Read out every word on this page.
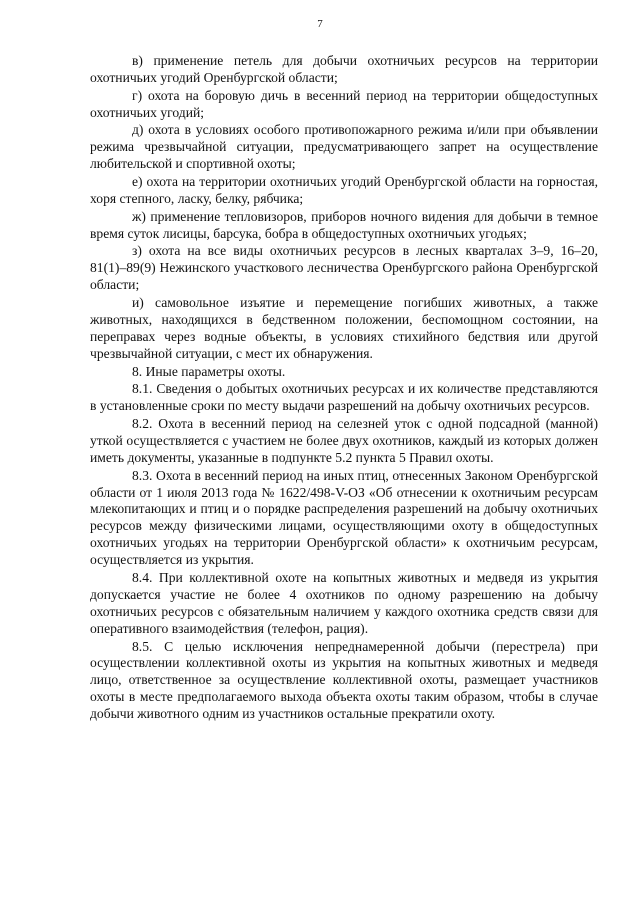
7

в) применение петель для добычи охотничьих ресурсов на территории охотничьих угодий Оренбургской области;

г) охота на боровую дичь в весенний период на территории общедоступных охотничьих угодий;

д) охота в условиях особого противопожарного режима и/или при объявлении режима чрезвычайной ситуации, предусматривающего запрет на осуществление любительской и спортивной охоты;

е) охота на территории охотничьих угодий Оренбургской области на горностая, хоря степного, ласку, белку, рябчика;

ж) применение тепловизоров, приборов ночного видения для добычи в темное время суток лисицы, барсука, бобра в общедоступных охотничьих угодьях;

з) охота на все виды охотничьих ресурсов в лесных кварталах 3–9, 16–20, 81(1)–89(9) Нежинского участкового лесничества Оренбургского района Оренбургской области;

и) самовольное изъятие и перемещение погибших животных, а также животных, находящихся в бедственном положении, беспомощном состоянии, на переправах через водные объекты, в условиях стихийного бедствия или другой чрезвычайной ситуации, с мест их обнаружения.

8. Иные параметры охоты.

8.1. Сведения о добытых охотничьих ресурсах и их количестве представляются в установленные сроки по месту выдачи разрешений на добычу охотничьих ресурсов.

8.2. Охота в весенний период на селезней уток с одной подсадной (манной) уткой осуществляется с участием не более двух охотников, каждый из которых должен иметь документы, указанные в подпункте 5.2 пункта 5 Правил охоты.

8.3. Охота в весенний период на иных птиц, отнесенных Законом Оренбургской области от 1 июля 2013 года № 1622/498-V-ОЗ «Об отнесении к охотничьим ресурсам млекопитающих и птиц и о порядке распределения разрешений на добычу охотничьих ресурсов между физическими лицами, осуществляющими охоту в общедоступных охотничьих угодьях на территории Оренбургской области» к охотничьим ресурсам, осуществляется из укрытия.

8.4. При коллективной охоте на копытных животных и медведя из укрытия допускается участие не более 4 охотников по одному разрешению на добычу охотничьих ресурсов с обязательным наличием у каждого охотника средств связи для оперативного взаимодействия (телефон, рация).

8.5. С целью исключения непреднамеренной добычи (перестрела) при осуществлении коллективной охоты из укрытия на копытных животных и медведя лицо, ответственное за осуществление коллективной охоты, размещает участников охоты в месте предполагаемого выхода объекта охоты таким образом, чтобы в случае добычи животного одним из участников остальные прекратили охоту.
